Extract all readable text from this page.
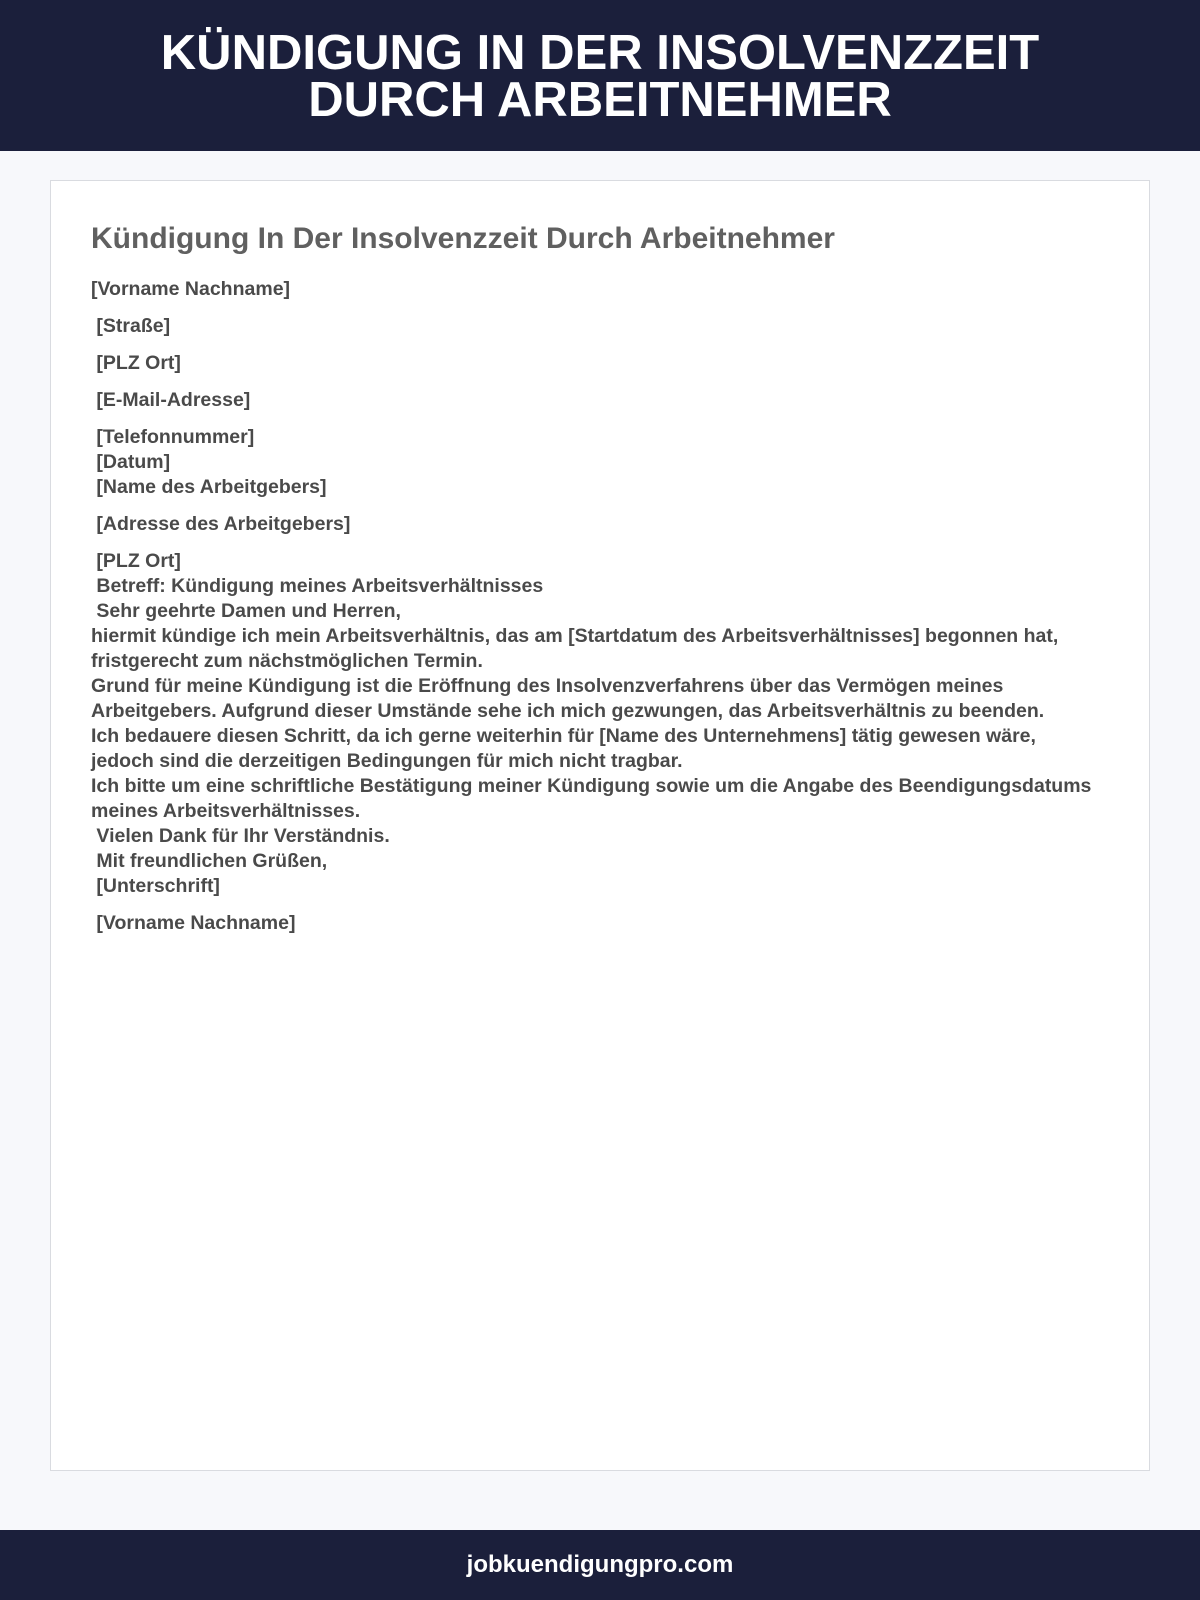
KÜNDIGUNG IN DER INSOLVENZZEIT DURCH ARBEITNEHMER
Kündigung In Der Insolvenzzeit Durch Arbeitnehmer
[Vorname Nachname]
[Straße]
[PLZ Ort]
[E-Mail-Adresse]
[Telefonnummer]
[Datum]
[Name des Arbeitgebers]
[Adresse des Arbeitgebers]
[PLZ Ort]
Betreff: Kündigung meines Arbeitsverhältnisses
Sehr geehrte Damen und Herren,
hiermit kündige ich mein Arbeitsverhältnis, das am [Startdatum des Arbeitsverhältnisses] begonnen hat, fristgerecht zum nächstmöglichen Termin.
Grund für meine Kündigung ist die Eröffnung des Insolvenzverfahrens über das Vermögen meines Arbeitgebers. Aufgrund dieser Umstände sehe ich mich gezwungen, das Arbeitsverhältnis zu beenden.
Ich bedauere diesen Schritt, da ich gerne weiterhin für [Name des Unternehmens] tätig gewesen wäre, jedoch sind die derzeitigen Bedingungen für mich nicht tragbar.
Ich bitte um eine schriftliche Bestätigung meiner Kündigung sowie um die Angabe des Beendigungsdatums meines Arbeitsverhältnisses.
Vielen Dank für Ihr Verständnis.
Mit freundlichen Grüßen,
[Unterschrift]
[Vorname Nachname]
jobkuendigungpro.com
